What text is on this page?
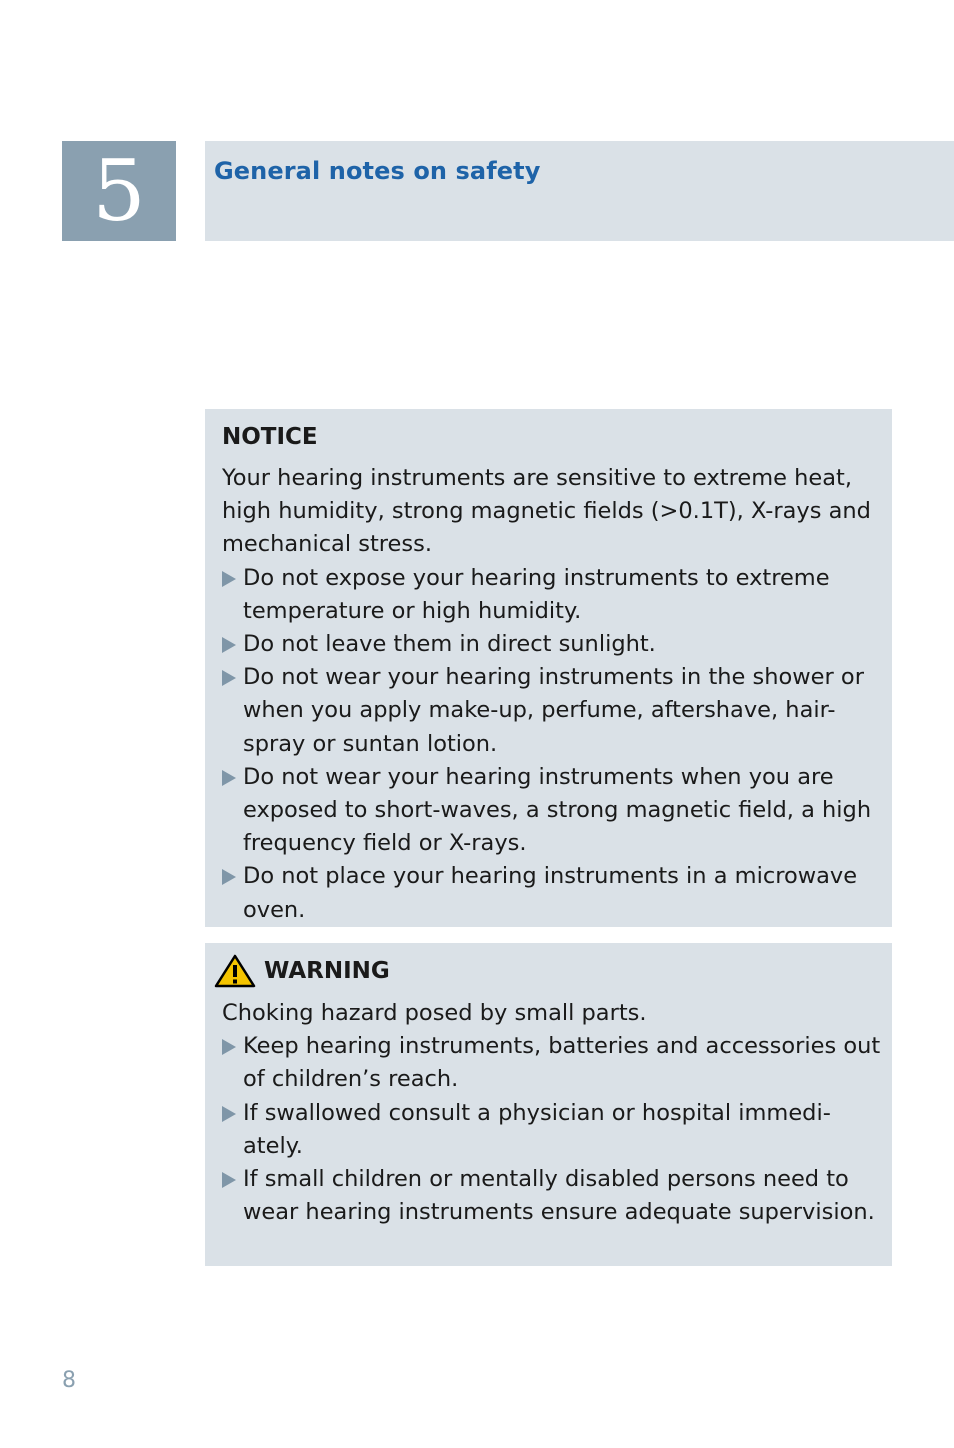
5	General notes on safety
NOTICE
Your hearing instruments are sensitive to extreme heat, high humidity, strong magnetic fields (>0.1T), X-rays and mechanical stress.
Do not expose your hearing instruments to extreme temperature or high humidity.
Do not leave them in direct sunlight.
Do not wear your hearing instruments in the shower or when you apply make-up, perfume, aftershave, hair-spray or suntan lotion.
Do not wear your hearing instruments when you are exposed to short-waves, a strong magnetic field, a high frequency field or X-rays.
Do not place your hearing instruments in a microwave oven.
WARNING
Choking hazard posed by small parts.
Keep hearing instruments, batteries and accessories out of children’s reach.
If swallowed consult a physician or hospital immedi-ately.
If small children or mentally disabled persons need to wear hearing instruments ensure adequate supervision.
8
